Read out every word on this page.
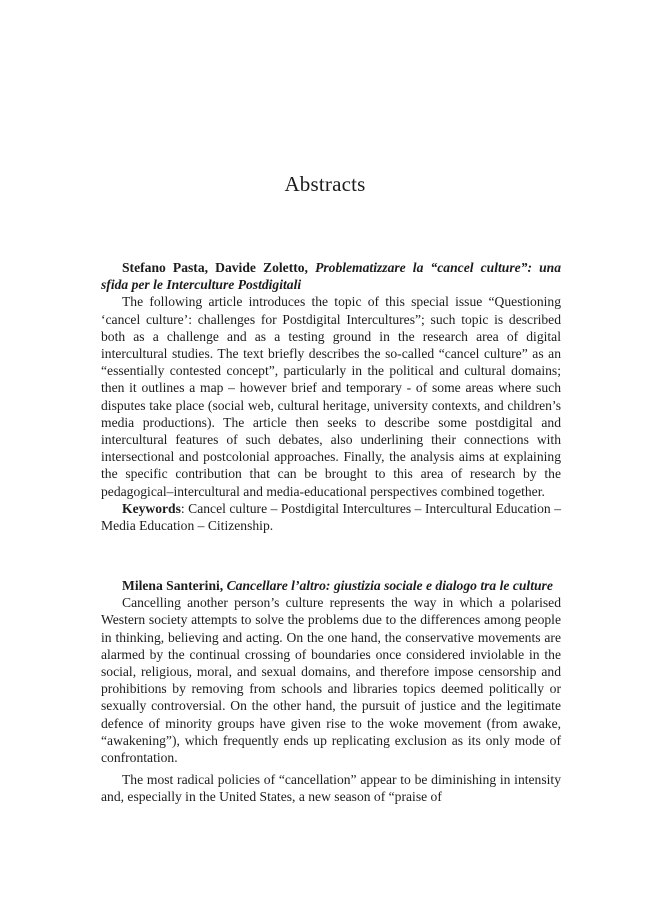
Abstracts

Stefano Pasta, Davide Zoletto, Problematizzare la “cancel culture”: una sfida per le Interculture Postdigitali

The following article introduces the topic of this special issue “Questioning ‘cancel culture’: challenges for Postdigital Intercultures”; such topic is described both as a challenge and as a testing ground in the research area of digital intercultural studies. The text briefly describes the so-called “cancel culture” as an “essentially contested concept”, particularly in the political and cultural domains; then it outlines a map – however brief and temporary - of some areas where such disputes take place (social web, cultural heritage, university contexts, and children’s media productions). The article then seeks to describe some postdigital and intercultural features of such debates, also underlining their connections with intersectional and postcolonial approaches. Finally, the analysis aims at explaining the specific contribution that can be brought to this area of research by the pedagogical–intercultural and media-educational perspectives combined together.

Keywords: Cancel culture – Postdigital Intercultures – Intercultural Education – Media Education – Citizenship.

Milena Santerini, Cancellare l’altro: giustizia sociale e dialogo tra le culture

Cancelling another person’s culture represents the way in which a polarised Western society attempts to solve the problems due to the differences among people in thinking, believing and acting. On the one hand, the conservative movements are alarmed by the continual crossing of boundaries once considered inviolable in the social, religious, moral, and sexual domains, and therefore impose censorship and prohibitions by removing from schools and libraries topics deemed politically or sexually controversial. On the other hand, the pursuit of justice and the legitimate defence of minority groups have given rise to the woke movement (from awake, “awakening”), which frequently ends up replicating exclusion as its only mode of confrontation.

The most radical policies of “cancellation” appear to be diminishing in intensity and, especially in the United States, a new season of “praise of
